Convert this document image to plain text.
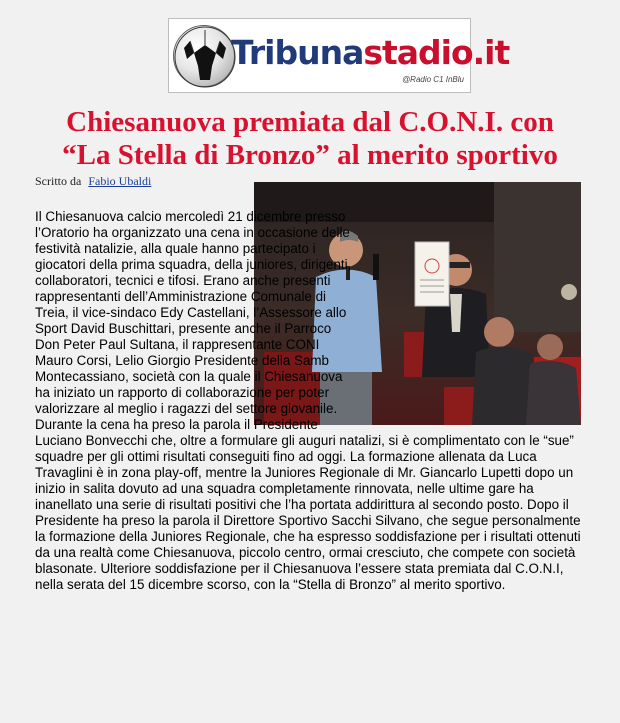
Tribunastadio.it
@Radio C1 InBlu
Chiesanuova premiata dal C.O.N.I. con
“La Stella di Bronzo” al merito sportivo
Scritto da Fabio Ubaldi
Il Chiesanuova calcio mercoledì 21 dicembre presso l’Oratorio ha organizzato una cena in occasione delle festività natalizie, alla quale hanno partecipato i giocatori della prima squadra, della juniores, dirigenti, collaboratori, tecnici e tifosi. Erano anche presenti rappresentanti dell’Amministrazione Comunale di Treia, il vice-sindaco Edy Castellani, l’Assessore allo Sport David Buschittari, presente anche il Parroco Don Peter Paul Sultana, il rappresentante CONI Mauro Corsi, Lelio Giorgio Presidente della Samb Montecassiano, società con la quale il Chiesanuova ha iniziato un rapporto di collaborazione per poter valorizzare al meglio i ragazzi del settore giovanile. Durante la cena ha preso la parola il Presidente Luciano Bonvecchi che, oltre a formulare gli auguri natalizi, si è complimentato con le “sue” squadre per gli ottimi risultati conseguiti fino ad oggi. La formazione allenata da Luca Travaglini è in zona play-off, mentre la Juniores Regionale di Mr. Giancarlo Lupetti dopo un inizio in salita dovuto ad una squadra completamente rinnovata, nelle ultime gare ha inanellato una serie di risultati positivi che l’ha portata addirittura al secondo posto. Dopo il Presidente ha preso la parola il Direttore Sportivo Sacchi Silvano, che segue personalmente la formazione della Juniores Regionale, che ha espresso soddisfazione per i risultati ottenuti da una realtà come Chiesanuova, piccolo centro, ormai cresciuto, che compete con società blasonate. Ulteriore soddisfazione per il Chiesanuova l’essere stata premiata dal C.O.N.I, nella serata del 15 dicembre scorso, con la “Stella di Bronzo” al merito sportivo.
